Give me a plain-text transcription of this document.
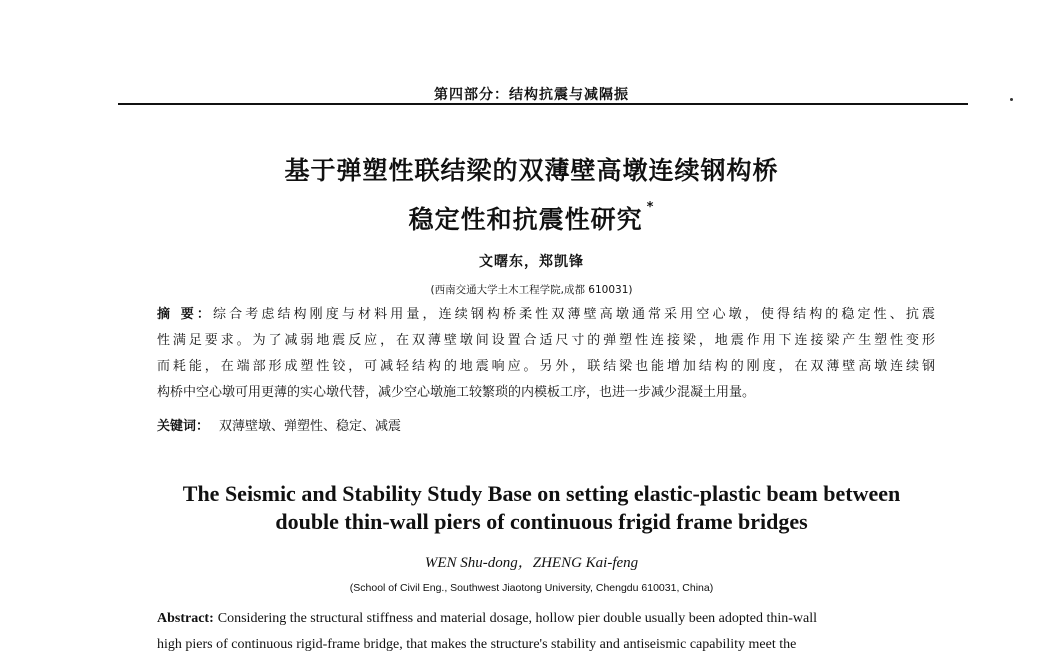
第四部分：结构抗震与减隔振
基于弹塑性联结梁的双薄壁高墩连续钢构桥
稳定性和抗震性研究 *
文曙东，郑凯锋
(西南交通大学土木工程学院,成都 610031)
摘 要：综合考虑结构刚度与材料用量，连续钢构桥柔性双薄壁高墩通常采用空心墩，使得结构的稳定性、抗震
性满足要求。为了减弱地震反应，在双薄壁墩间设置合适尺寸的弹塑性连接梁，地震作用下连接梁产生塑性变形
而耗能，在端部形成塑性铰，可减轻结构的地震响应。另外，联结梁也能增加结构的刚度，在双薄壁高墩连续钢
构桥中空心墩可用更薄的实心墩代替，减少空心墩施工较繁琐的内模板工序，也进一步减少混凝土用量。
关键词： 双薄壁墩、弹塑性、稳定、减震
The Seismic and Stability Study Base on setting elastic-plastic beam between
double thin-wall piers of continuous frigid frame bridges
WEN Shu-dong，ZHENG Kai-feng
(School of Civil Eng., Southwest Jiaotong University, Chengdu 610031, China)
Abstract: Considering the structural stiffness and material dosage, hollow pier double usually been adopted thin-wall
high piers of continuous rigid-frame bridge, that makes the structure's stability and antiseismic capability meet the
